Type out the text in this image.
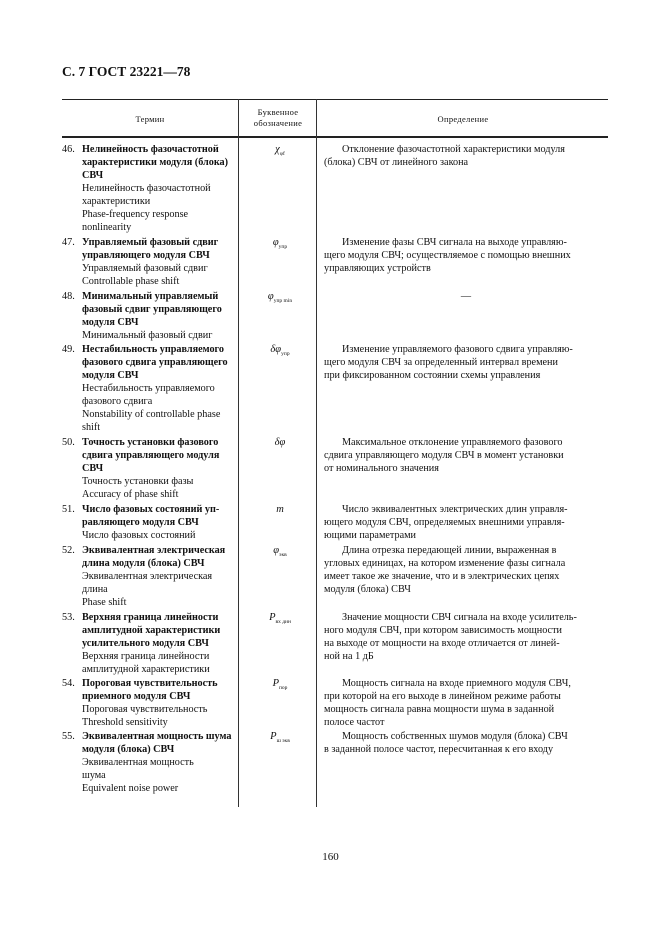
С. 7 ГОСТ 23221—78
Термин
Буквенное обозначение	Определение
46. Нелинейность фазочастотной
характеристики модуля (блока)
СВЧ
Нелинейность фазочастотной
характеристики
Phase-frequency response
nonlinearity
$\chi_{\varphi f}$	Отклонение фазочастотной характеристики модуля
(блока) СВЧ от линейного закона
47. Управляемый фазовый сдвиг
управляющего модуля СВЧ
Управляемый фазовый сдвиг
Controllable phase shift
$\varphi_{упр}$	Изменение фазы СВЧ сигнала на выходе управляю-
щего модуля СВЧ; осуществляемое с помощью внешних
управляющих устройств
48. Минимальный управляемый
фазовый сдвиг управляющего
модуля СВЧ
Минимальный фазовый сдвиг
$\varphi_{упр min}$	—
49. Нестабильность управляемого
фазового сдвига управляющего
модуля СВЧ
Нестабильность управляемого
фазового сдвига
Nonstability of controllable phase
shift
$\delta\varphi_{упр}$	Изменение управляемого фазового сдвига управляю-
щего модуля СВЧ за определенный интервал времени
при фиксированном состоянии схемы управления
50. Точность установки фазового
сдвига управляющего модуля
СВЧ
Точность установки фазы
Accuracy of phase shift
δφ	Максимальное отклонение управляемого фазового
сдвига управляющего модуля СВЧ в момент установки
от номинального значения
51. Число фазовых состояний уп-
равляющего модуля СВЧ
Число фазовых состояний
m	Число эквивалентных электрических длин управля-
ющего модуля СВЧ, определяемых внешними управля-
ющими параметрами
52. Эквивалентная электрическая
длина модуля (блока) СВЧ
Эквивалентная электрическая
длина
Phase shift
$\varphi_{экв}$	Длина отрезка передающей линии, выраженная в
угловых единицах, на котором изменение фазы сигнала
имеет такое же значение, что и в электрических цепях
модуля (блока) СВЧ
53. Верхняя граница линейности
амплитудной характеристики
усилительного модуля СВЧ
Верхняя граница линейности
амплитудной характеристики
$P_{вх дин}$	Значение мощности СВЧ сигнала на входе усилитель-
ного модуля СВЧ, при котором зависимость мощности
на выходе от мощности на входе отличается от линей-
ной на 1 дБ
54. Пороговая чувствительность
приемного модуля СВЧ
Пороговая чувствительность
Threshold sensitivity
$P_{пор}$	Мощность сигнала на входе приемного модуля СВЧ,
при которой на его выходе в линейном режиме работы
мощность сигнала равна мощности шума в заданной
полосе частот
55. Эквивалентная мощность шума
модуля (блока) СВЧ
Эквивалентная мощность
шума
Equivalent noise power
$P_{ш экв}$	Мощность собственных шумов модуля (блока) СВЧ
в заданной полосе частот, пересчитанная к его входу
160
